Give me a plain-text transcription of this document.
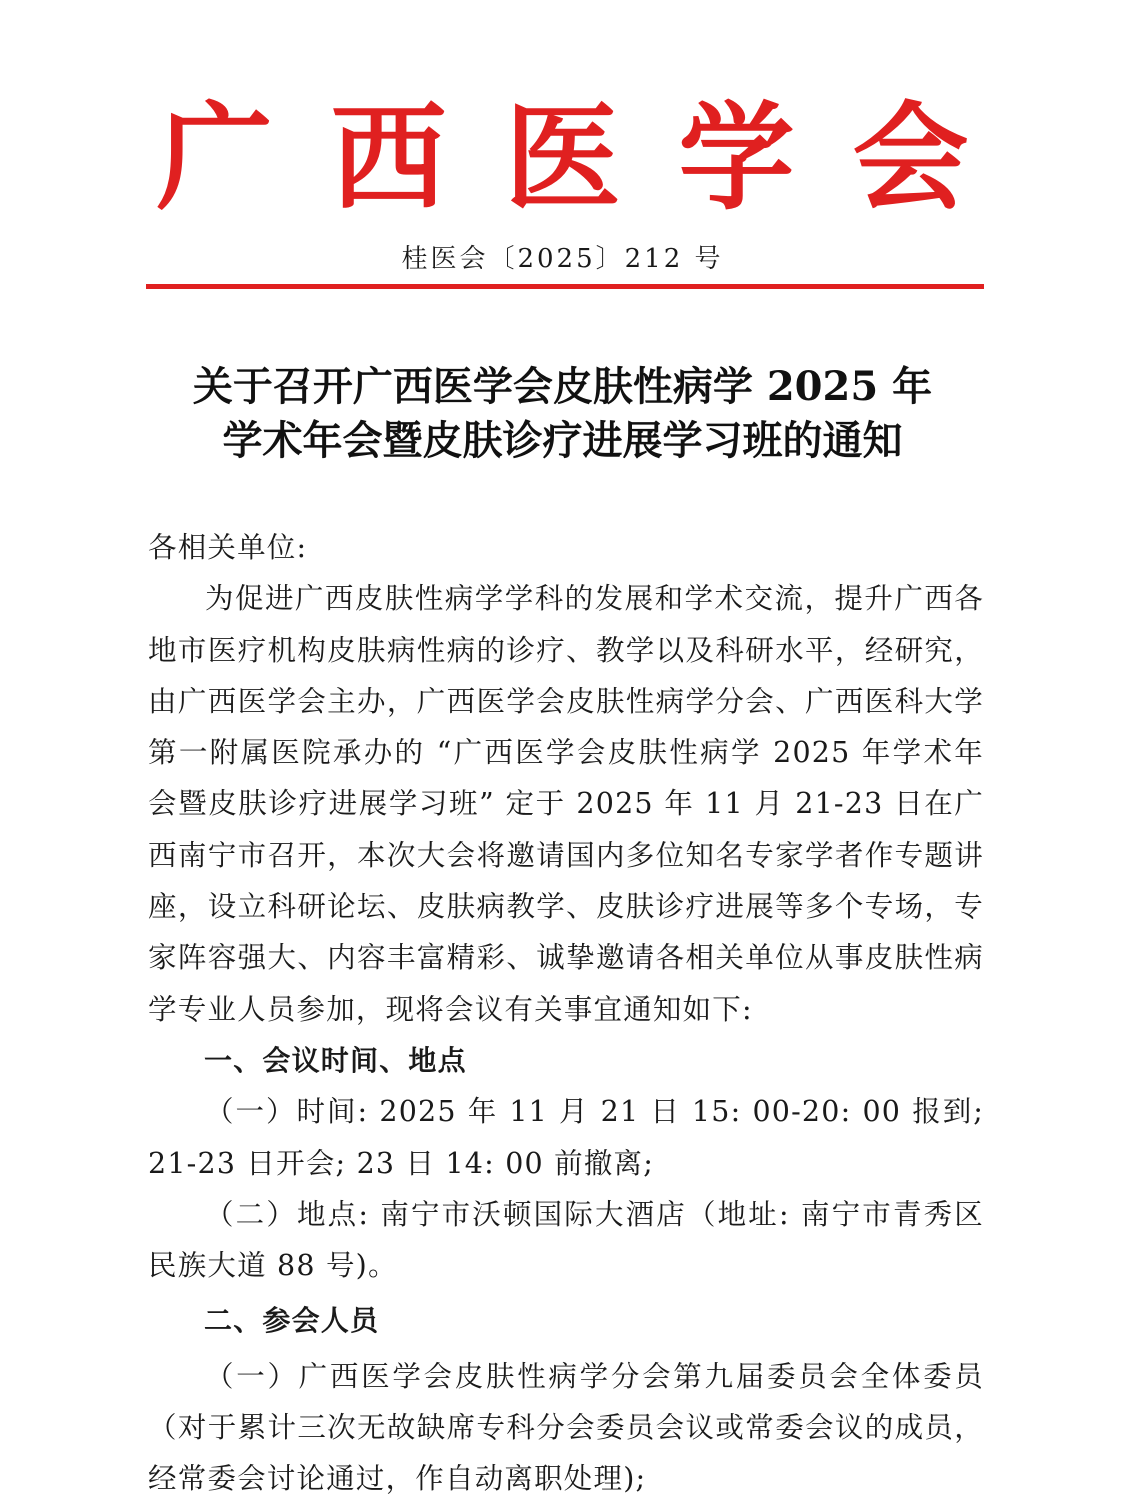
广西医学会
桂医会〔2025〕212 号
关于召开广西医学会皮肤性病学 2025 年
学术年会暨皮肤诊疗进展学习班的通知

各相关单位:

为促进广西皮肤性病学学科的发展和学术交流，提升广西各地市医疗机构皮肤病性病的诊疗、教学以及科研水平，经研究，由广西医学会主办，广西医学会皮肤性病学分会、广西医科大学第一附属医院承办的 “广西医学会皮肤性病学 2025 年学术年会暨皮肤诊疗进展学习班” 定于 2025 年 11 月 21-23 日在广西南宁市召开，本次大会将邀请国内多位知名专家学者作专题讲座，设立科研论坛、皮肤病教学、皮肤诊疗进展等多个专场，专家阵容强大、内容丰富精彩、诚挚邀请各相关单位从事皮肤性病学专业人员参加，现将会议有关事宜通知如下:

一、会议时间、地点

（一）时间: 2025 年 11 月 21 日 15: 00-20: 00 报到; 21-23 日开会; 23 日 14: 00 前撤离;

（二）地点: 南宁市沃顿国际大酒店（地址: 南宁市青秀区民族大道 88 号)。

二、参会人员

（一）广西医学会皮肤性病学分会第九届委员会全体委员（对于累计三次无故缺席专科分会委员会议或常委会议的成员，经常委会讨论通过，作自动离职处理);
